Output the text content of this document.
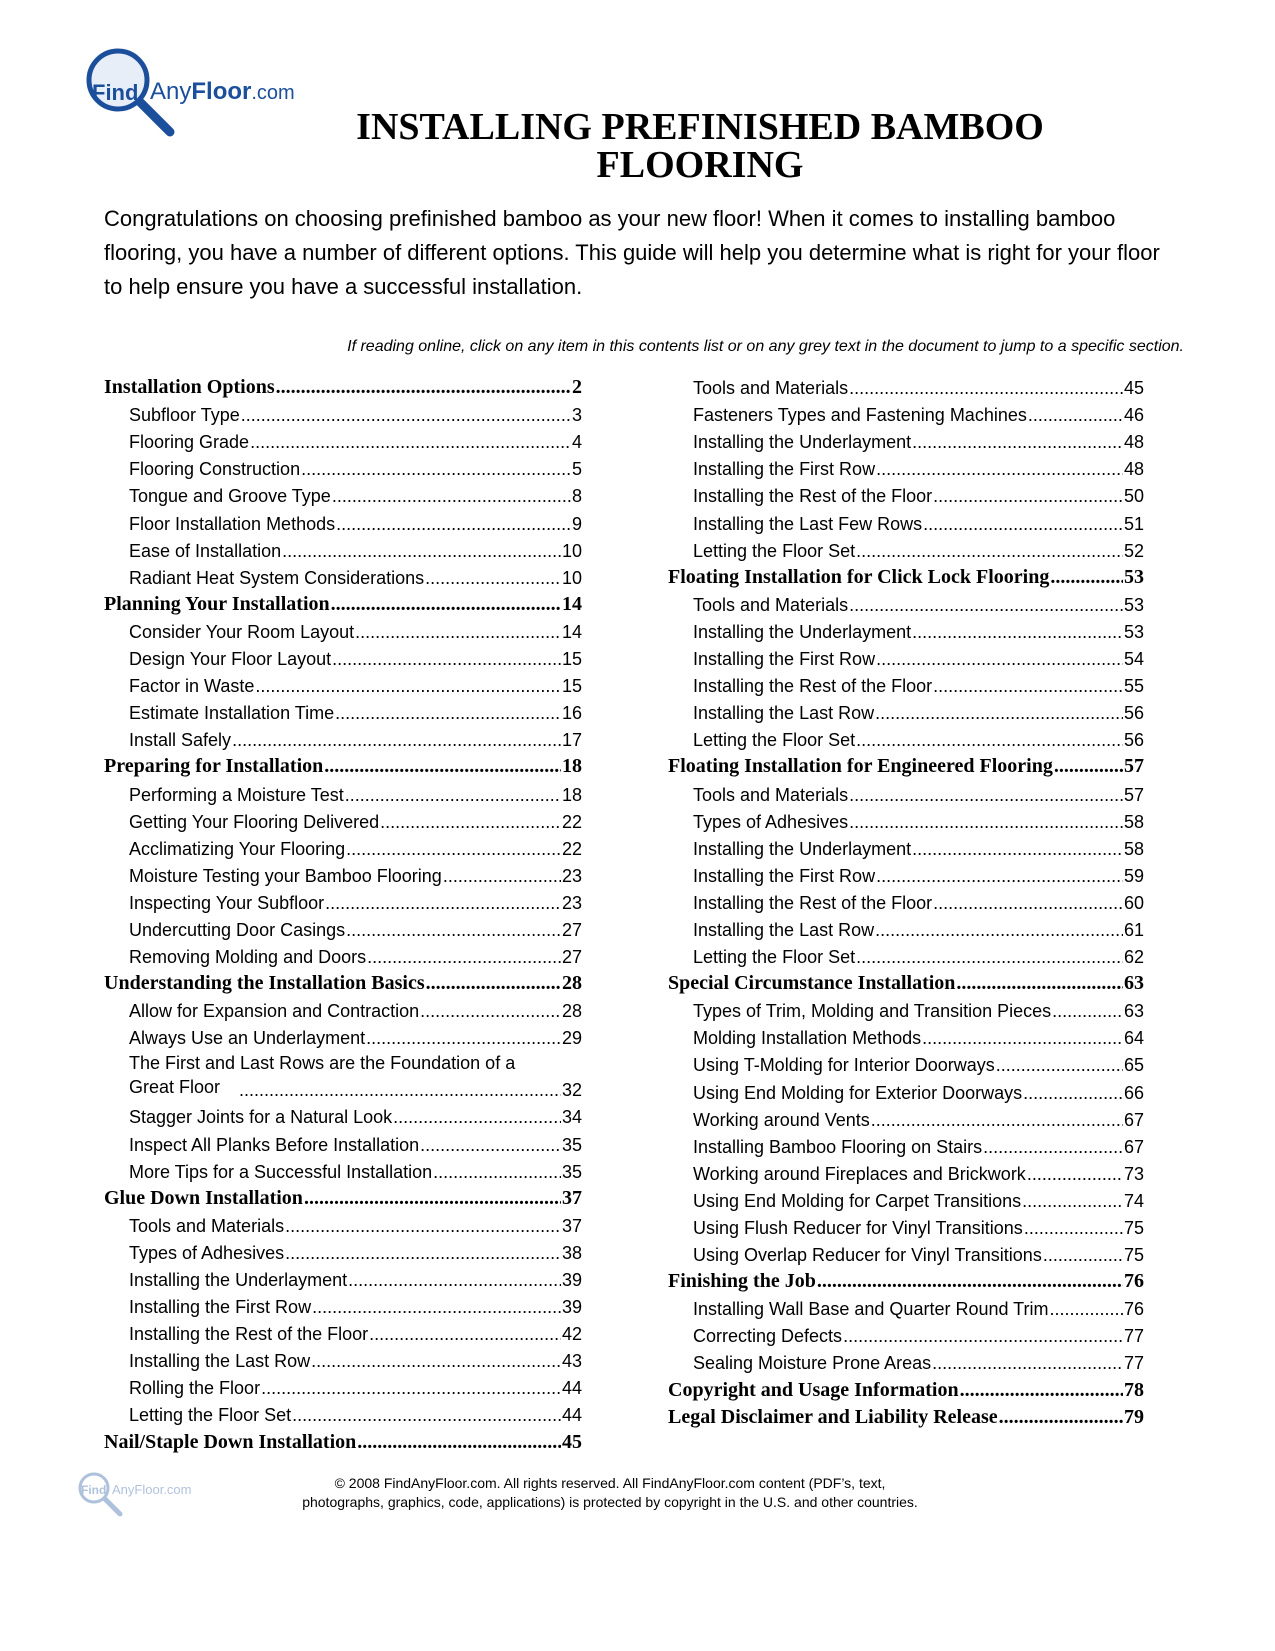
Find AnyFloor.com
INSTALLING PREFINISHED BAMBOO
FLOORING
Congratulations on choosing prefinished bamboo as your new floor! When it comes to installing bamboo flooring, you have a number of different options. This guide will help you determine what is right for your floor to help ensure you have a successful installation.
If reading online, click on any item in this contents list or on any grey text in the document to jump to a specific section.
Installation Options .....	2
Subfloor Type .....	3
Flooring Grade .....	4
Flooring Construction .....	5
Tongue and Groove Type .....	8
Floor Installation Methods .....	9
Ease of Installation .....	10
Radiant Heat System Considerations .....	10
Planning Your Installation .....	14
Consider Your Room Layout .....	14
Design Your Floor Layout .....	15
Factor in Waste .....	15
Estimate Installation Time .....	16
Install Safely .....	17
Preparing for Installation .....	18
Performing a Moisture Test .....	18
Getting Your Flooring Delivered .....	22
Acclimatizing Your Flooring .....	22
Moisture Testing your Bamboo Flooring .....	23
Inspecting Your Subfloor .....	23
Undercutting Door Casings .....	27
Removing Molding and Doors .....	27
Understanding the Installation Basics .....	28
Allow for Expansion and Contraction .....	28
Always Use an Underlayment .....	29
The First and Last Rows are the Foundation of a
Great Floor .....	32
Stagger Joints for a Natural Look .....	34
Inspect All Planks Before Installation .....	35
More Tips for a Successful Installation .....	35
Glue Down Installation .....	37
Tools and Materials .....	37
Types of Adhesives .....	38
Installing the Underlayment .....	39
Installing the First Row .....	39
Installing the Rest of the Floor .....	42
Installing the Last Row .....	43
Rolling the Floor .....	44
Letting the Floor Set .....	44
Nail/Staple Down Installation .....	45
Tools and Materials .....	45
Fasteners Types and Fastening Machines .....	46
Installing the Underlayment .....	48
Installing the First Row .....	48
Installing the Rest of the Floor .....	50
Installing the Last Few Rows .....	51
Letting the Floor Set .....	52
Floating Installation for Click Lock Flooring .....	53
Tools and Materials .....	53
Installing the Underlayment .....	53
Installing the First Row .....	54
Installing the Rest of the Floor .....	55
Installing the Last Row .....	56
Letting the Floor Set .....	56
Floating Installation for Engineered Flooring .....	57
Tools and Materials .....	57
Types of Adhesives .....	58
Installing the Underlayment .....	58
Installing the First Row .....	59
Installing the Rest of the Floor .....	60
Installing the Last Row .....	61
Letting the Floor Set .....	62
Special Circumstance Installation .....	63
Types of Trim, Molding and Transition Pieces .....	63
Molding Installation Methods .....	64
Using T-Molding for Interior Doorways .....	65
Using End Molding for Exterior Doorways .....	66
Working around Vents .....	67
Installing Bamboo Flooring on Stairs .....	67
Working around Fireplaces and Brickwork .....	73
Using End Molding for Carpet Transitions .....	74
Using Flush Reducer for Vinyl Transitions .....	75
Using Overlap Reducer for Vinyl Transitions .....	75
Finishing the Job .....	76
Installing Wall Base and Quarter Round Trim .....	76
Correcting Defects .....	77
Sealing Moisture Prone Areas .....	77
Copyright and Usage Information .....	78
Legal Disclaimer and Liability Release .....	79
Find AnyFloor.com	© 2008 FindAnyFloor.com. All rights reserved. All FindAnyFloor.com content (PDF’s, text,
photographs, graphics, code, applications) is protected by copyright in the U.S. and other countries.
